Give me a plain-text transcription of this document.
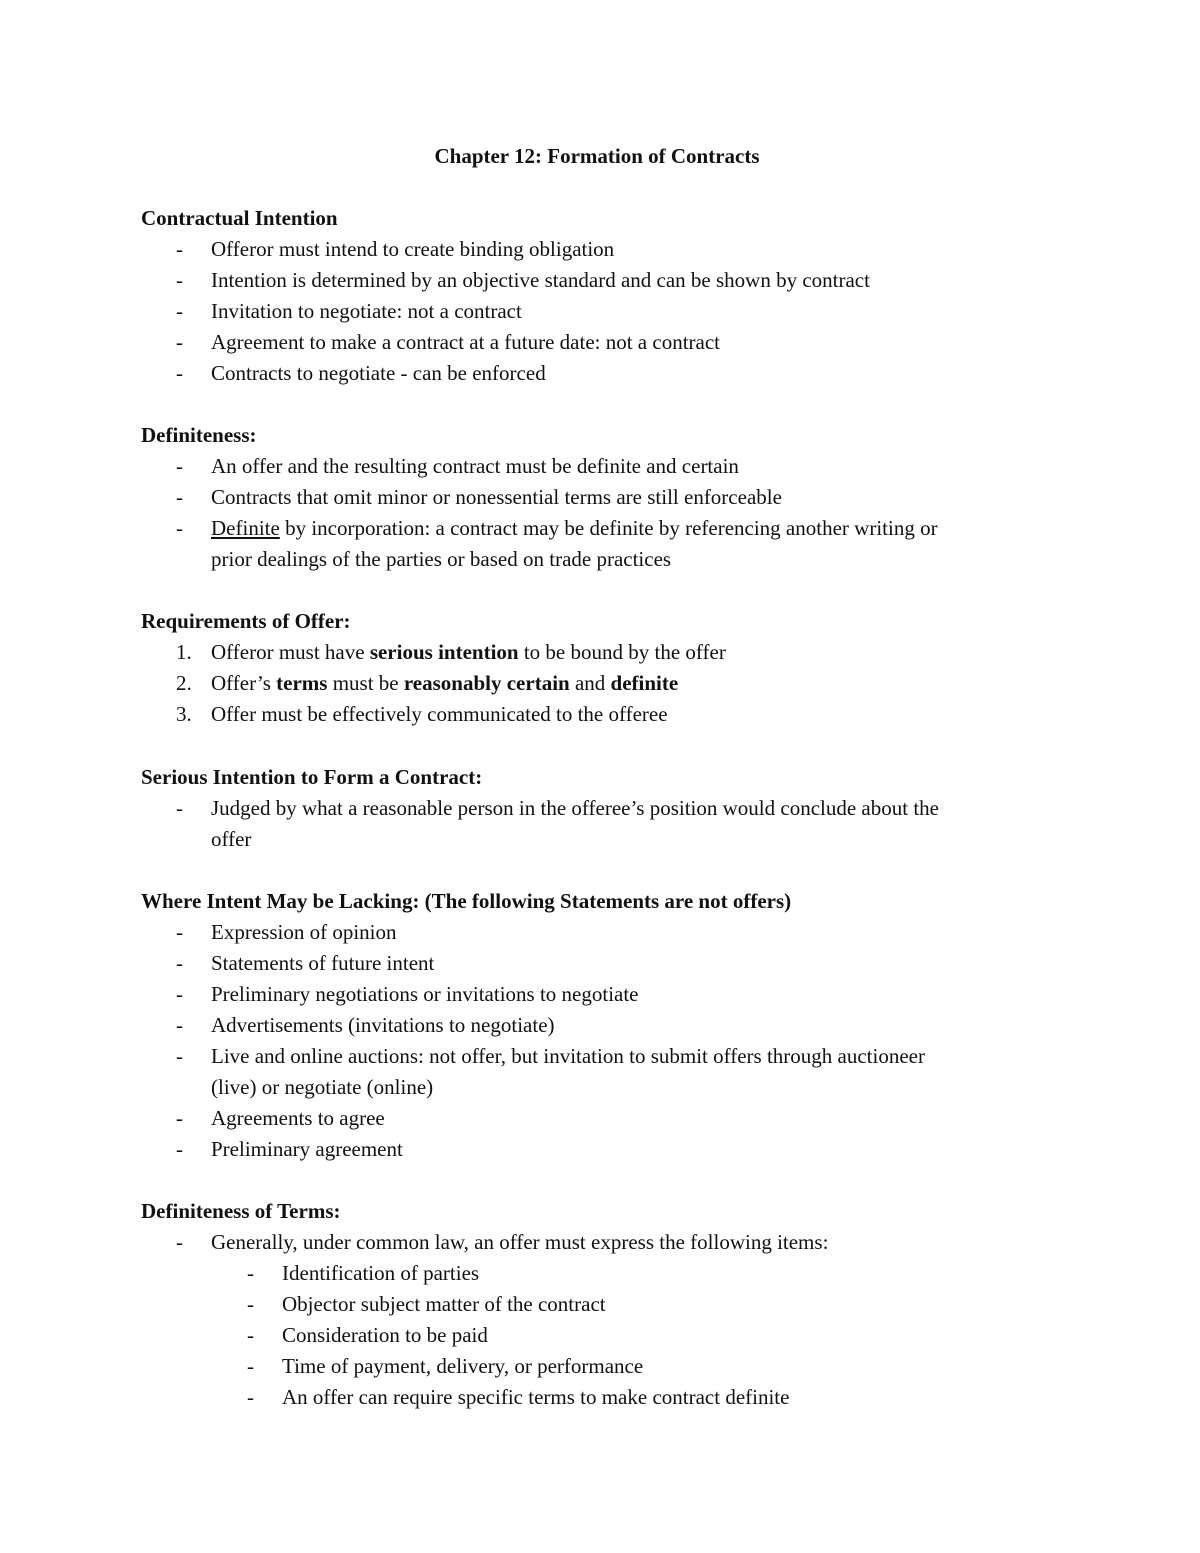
Chapter 12: Formation of Contracts
Contractual Intention
- Offeror must intend to create binding obligation
- Intention is determined by an objective standard and can be shown by contract
- Invitation to negotiate: not a contract
- Agreement to make a contract at a future date: not a contract
- Contracts to negotiate - can be enforced
Definiteness:
- An offer and the resulting contract must be definite and certain
- Contracts that omit minor or nonessential terms are still enforceable
- Definite by incorporation: a contract may be definite by referencing another writing or
prior dealings of the parties or based on trade practices
Requirements of Offer:
1. Offeror must have serious intention to be bound by the offer
2. Offer’s terms must be reasonably certain and definite
3. Offer must be effectively communicated to the offeree
Serious Intention to Form a Contract:
- Judged by what a reasonable person in the offeree’s position would conclude about the
offer
Where Intent May be Lacking: (The following Statements are not offers)
- Expression of opinion
- Statements of future intent
- Preliminary negotiations or invitations to negotiate
- Advertisements (invitations to negotiate)
- Live and online auctions: not offer, but invitation to submit offers through auctioneer
(live) or negotiate (online)
- Agreements to agree
- Preliminary agreement
Definiteness of Terms:
- Generally, under common law, an offer must express the following items:
- Identification of parties
- Objector subject matter of the contract
- Consideration to be paid
- Time of payment, delivery, or performance
- An offer can require specific terms to make contract definite
